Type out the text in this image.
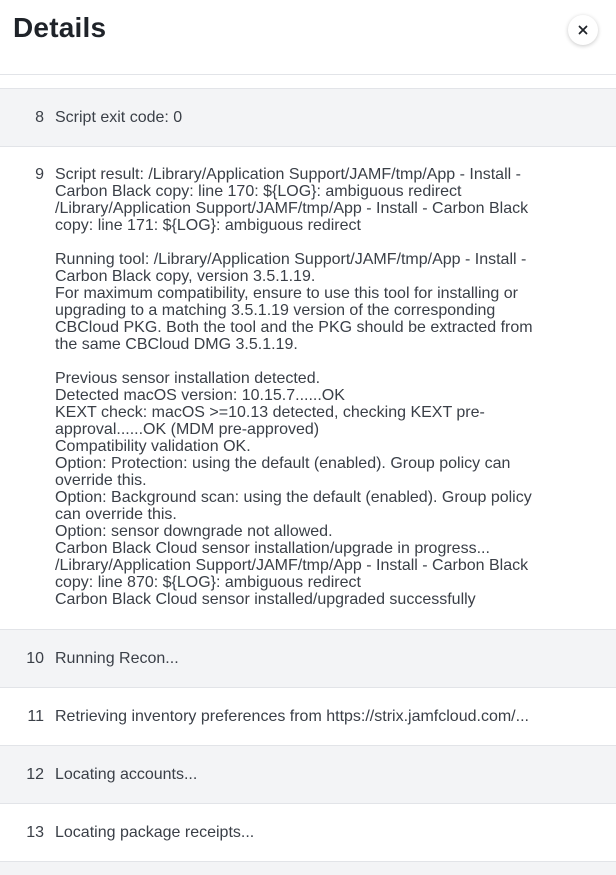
Details
8 Script exit code: 0
9 Script result: /Library/Application Support/JAMF/tmp/App - Install -
Carbon Black copy: line 170: ${LOG}: ambiguous redirect
/Library/Application Support/JAMF/tmp/App - Install - Carbon Black
copy: line 171: ${LOG}: ambiguous redirect

Running tool: /Library/Application Support/JAMF/tmp/App - Install -
Carbon Black copy, version 3.5.1.19.
For maximum compatibility, ensure to use this tool for installing or
upgrading to a matching 3.5.1.19 version of the corresponding
CBCloud PKG. Both the tool and the PKG should be extracted from
the same CBCloud DMG 3.5.1.19.

Previous sensor installation detected.
Detected macOS version: 10.15.7......OK
KEXT check: macOS >=10.13 detected, checking KEXT pre-
approval......OK (MDM pre-approved)
Compatibility validation OK.
Option: Protection: using the default (enabled). Group policy can
override this.
Option: Background scan: using the default (enabled). Group policy
can override this.
Option: sensor downgrade not allowed.
Carbon Black Cloud sensor installation/upgrade in progress...
/Library/Application Support/JAMF/tmp/App - Install - Carbon Black
copy: line 870: ${LOG}: ambiguous redirect
Carbon Black Cloud sensor installed/upgraded successfully
10 Running Recon...
11 Retrieving inventory preferences from https://strix.jamfcloud.com/...
12 Locating accounts...
13 Locating package receipts...
